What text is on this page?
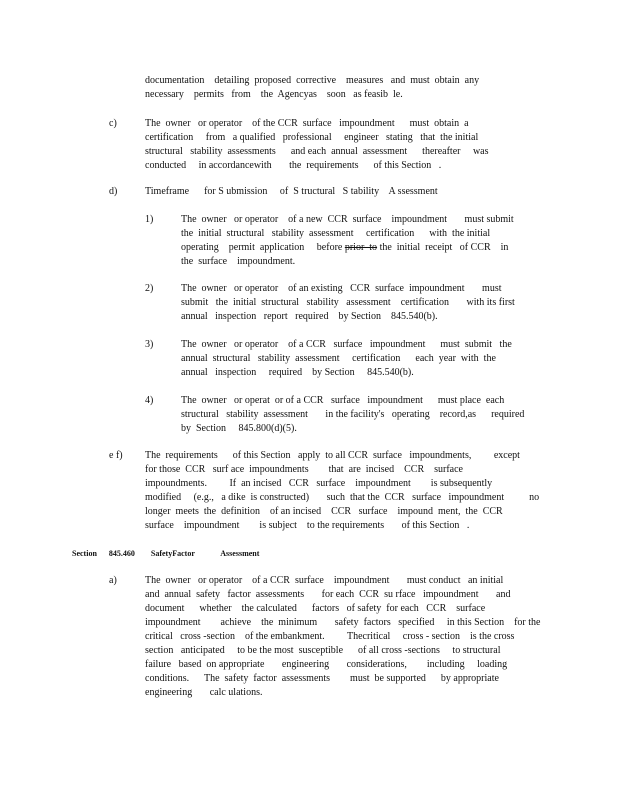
documentation    detailing  proposed  corrective    measures   and  must  obtain  any
necessary    permits   from    the  Agencyas    soon   as feasib  le.
c)	The  owner   or operator    of the CCR  surface   impoundment      must  obtain  a
certification     from   a qualified   professional     engineer   stating   that  the initial
structural   stability  assessments      and each  annual  assessment      thereafter     was
conducted     in accordancewith       the  requirements      of this Section   .
d)	Timeframe      for S ubmission     of  S tructural   S tability    A ssessment
1)	The  owner   or operator    of a new  CCR  surface    impoundment       must submit
the  initial  structural   stability  assessment     certification      with  the initial
operating    permit  application     before prior  to the  initial  receipt   of CCR    in
the  surface    impoundment.
2)	The  owner   or operator    of an existing   CCR  surface  impoundment       must
submit   the  initial  structural   stability   assessment    certification       with its first
annual   inspection   report   required    by Section    845.540(b).
3)	The  owner   or operator    of a CCR   surface   impoundment      must  submit   the
annual  structural   stability  assessment     certification      each  year  with  the
annual   inspection     required    by Section     845.540(b).
4)	The  owner   or operat  or of a CCR   surface   impoundment      must place  each
structural   stability  assessment       in the facility's   operating    record,as      required
by  Section     845.800(d)(5).
e f) The  requirements      of this Section   apply  to all CCR  surface   impoundments,         except
for those  CCR   surf ace  impoundments        that  are  incised    CCR    surface
impoundments.         If  an incised   CCR   surface    impoundment        is subsequently
modified     (e.g.,   a dike  is constructed)       such  that the  CCR   surface   impoundment          no
longer  meets  the  definition    of an incised    CCR   surface    impound  ment,  the  CCR
surface    impoundment        is subject    to the requirements       of this Section   .
Section      845.460        SafetyFactor             Assessment
a)	The  owner   or operator    of a CCR  surface    impoundment       must conduct   an initial
and  annual  safety   factor  assessments       for each  CCR  su rface   impoundment       and
document      whether    the calculated      factors   of safety  for each   CCR    surface
impoundment        achieve    the  minimum       safety  factors   specified     in this Section    for the
critical   cross -section    of the embankment.         Thecritical     cross - section    is the cross
section   anticipated     to be the most  susceptible      of all cross -sections     to structural
failure   based  on appropriate       engineering       considerations,        including     loading
conditions.      The  safety  factor  assessments        must  be supported      by appropriate
engineering       calc ulations.
